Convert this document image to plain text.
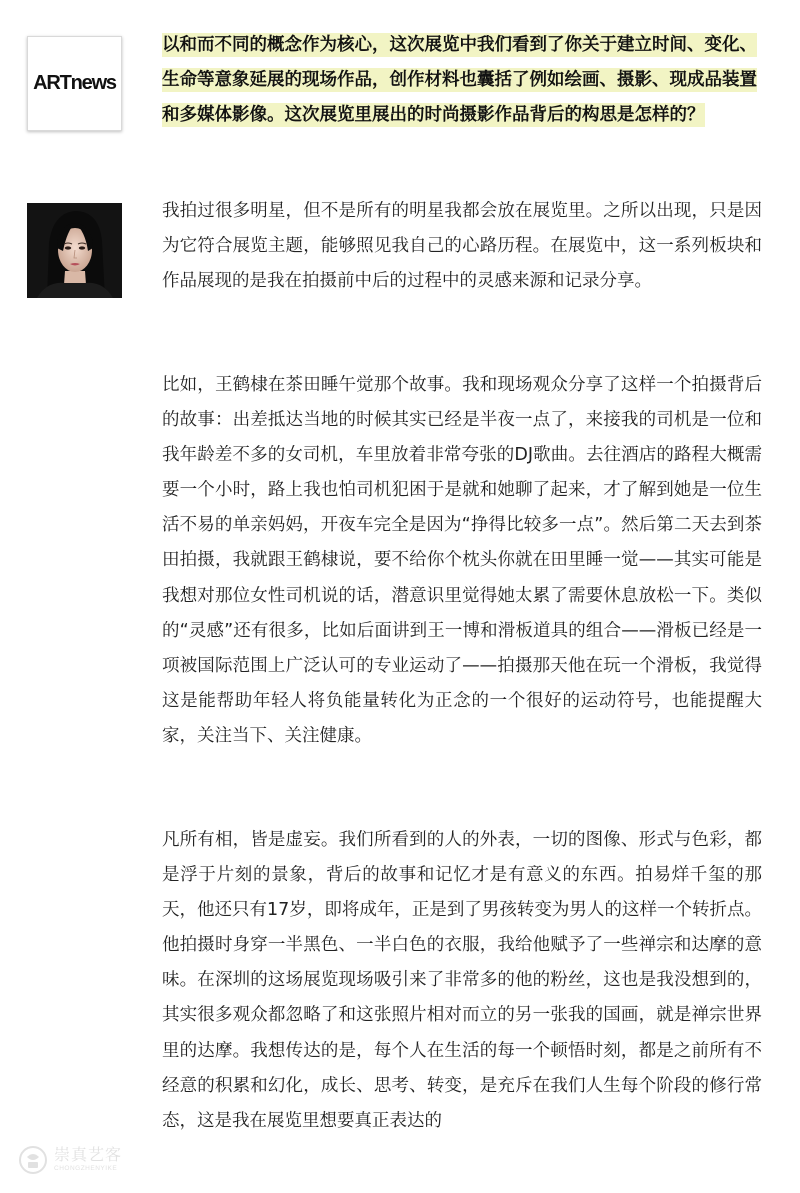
ARTnews

以和而不同的概念作为核心，这次展览中我们看到了你关于建立时间、变化、生命等意象延展的现场作品，创作材料也囊括了例如绘画、摄影、现成品装置和多媒体影像。这次展览里展出的时尚摄影作品背后的构思是怎样的？

我拍过很多明星，但不是所有的明星我都会放在展览里。之所以出现，只是因为它符合展览主题，能够照见我自己的心路历程。在展览中，这一系列板块和作品展现的是我在拍摄前中后的过程中的灵感来源和记录分享。

比如，王鹤棣在茶田睡午觉那个故事。我和现场观众分享了这样一个拍摄背后的故事：出差抵达当地的时候其实已经是半夜一点了，来接我的司机是一位和我年龄差不多的女司机，车里放着非常夸张的DJ歌曲。去往酒店的路程大概需要一个小时，路上我也怕司机犯困于是就和她聊了起来，才了解到她是一位生活不易的单亲妈妈，开夜车完全是因为“挣得比较多一点”。然后第二天去到茶田拍摄，我就跟王鹤棣说，要不给你个枕头你就在田里睡一觉——其实可能是我想对那位女性司机说的话，潜意识里觉得她太累了需要休息放松一下。类似的“灵感”还有很多，比如后面讲到王一博和滑板道具的组合——滑板已经是一项被国际范围上广泛认可的专业运动了——拍摄那天他在玩一个滑板，我觉得这是能帮助年轻人将负能量转化为正念的一个很好的运动符号，也能提醒大家，关注当下、关注健康。

凡所有相，皆是虚妄。我们所看到的人的外表，一切的图像、形式与色彩，都是浮于片刻的景象，背后的故事和记忆才是有意义的东西。拍易烊千玺的那天，他还只有17岁，即将成年，正是到了男孩转变为男人的这样一个转折点。他拍摄时身穿一半黑色、一半白色的衣服，我给他赋予了一些禅宗和达摩的意味。在深圳的这场展览现场吸引来了非常多的他的粉丝，这也是我没想到的，其实很多观众都忽略了和这张照片相对而立的另一张我的国画，就是禅宗世界里的达摩。我想传达的是，每个人在生活的每一个顿悟时刻，都是之前所有不经意的积累和幻化，成长、思考、转变，是充斥在我们人生每个阶段的修行常态，这是我在展览里想要真正表达的

崇真艺客
CHONGZHENYIKE
